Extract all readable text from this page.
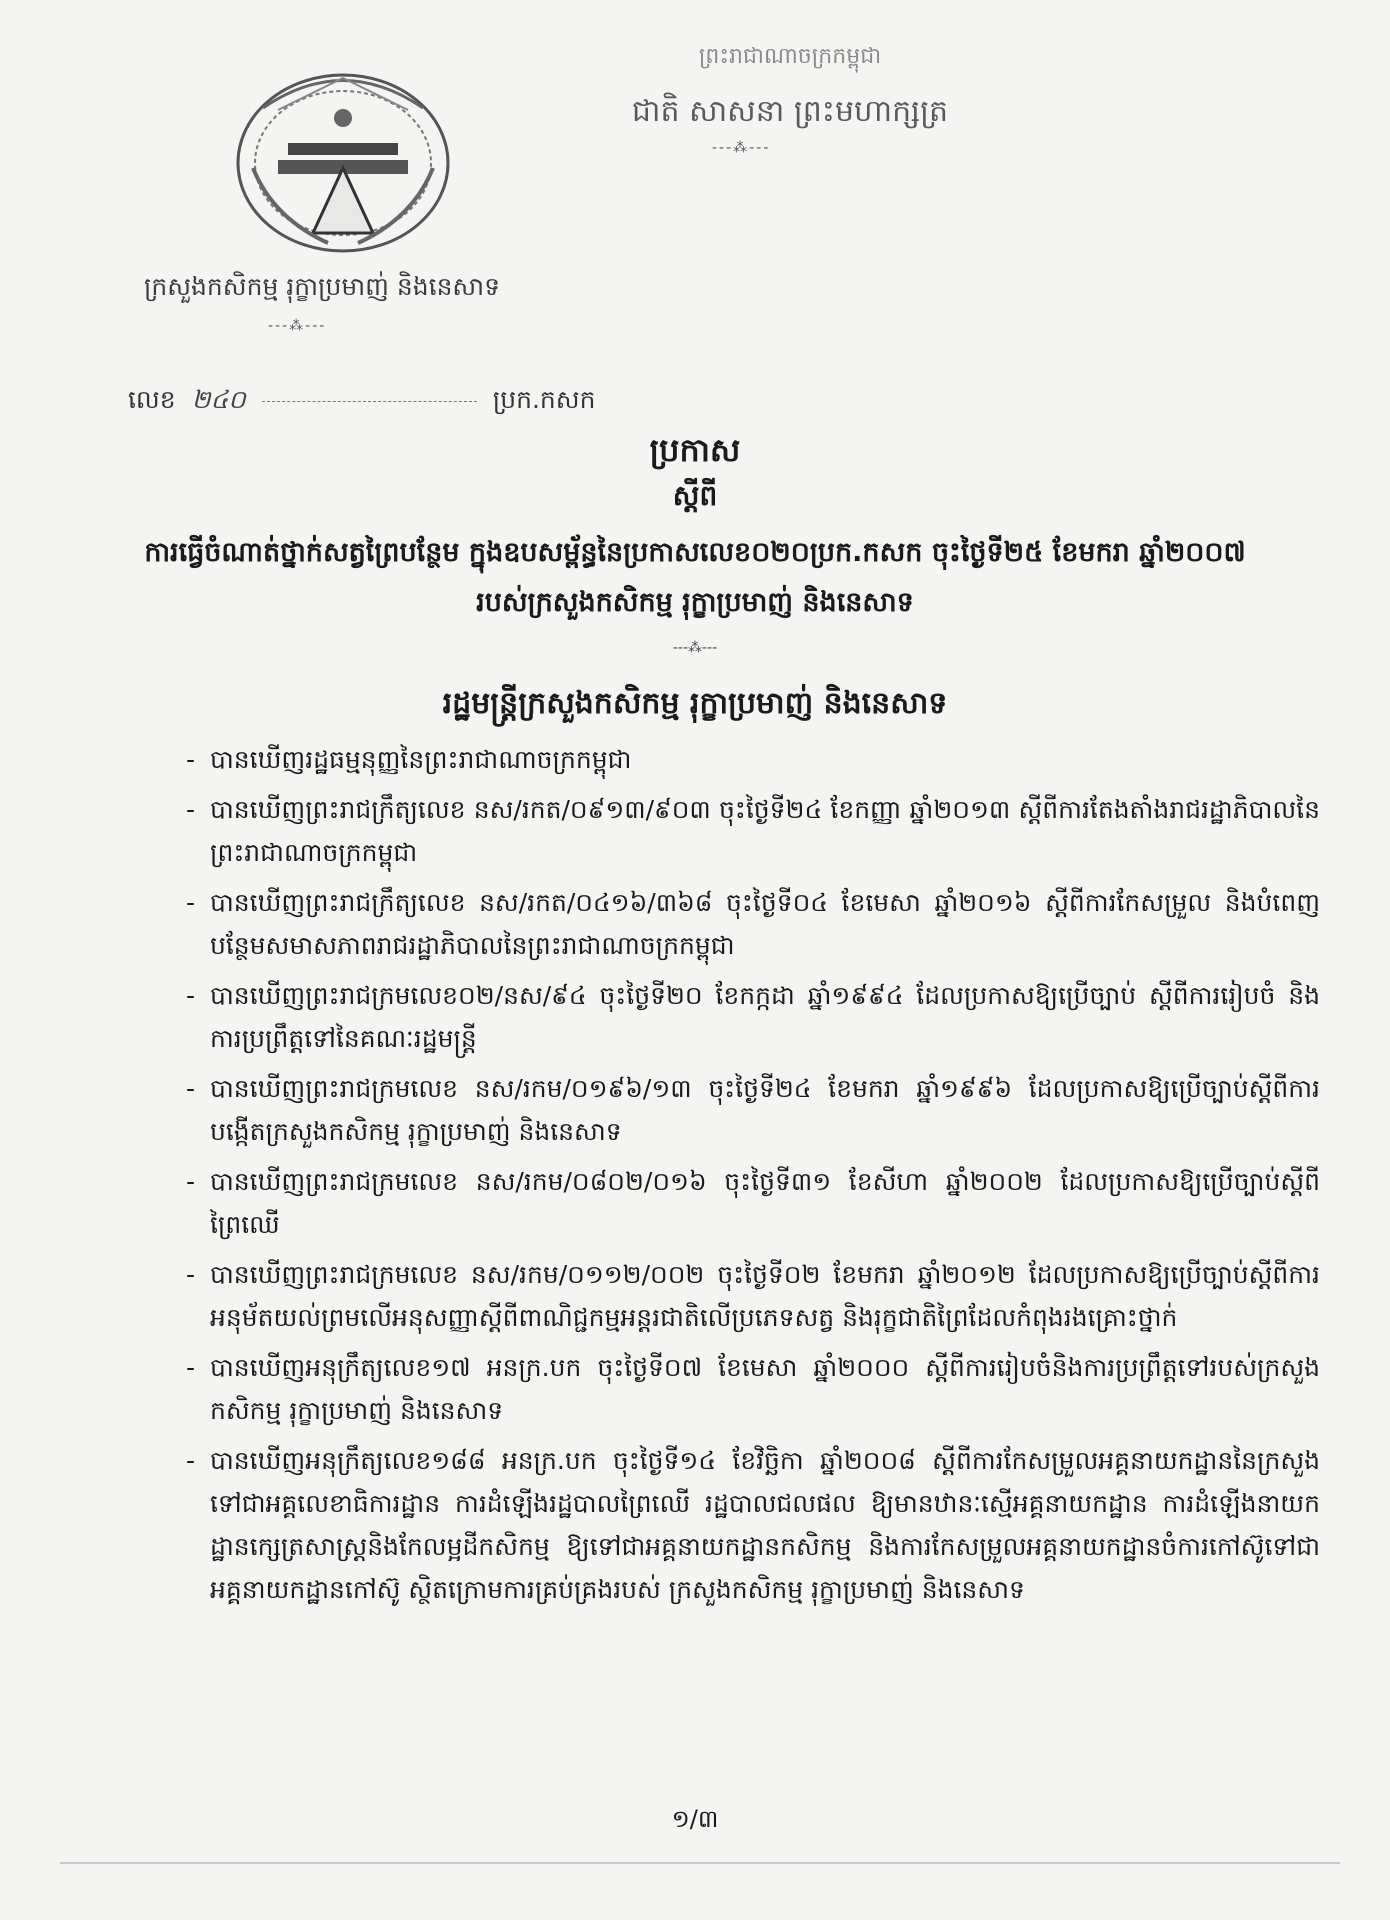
ព្រះរាជាណាចក្រកម្ពុជា
ជាតិ សាសនា ព្រះមហាក្សត្រ
---⁂---
ក្រសួងកសិកម្ម រុក្ខាប្រមាញ់ និងនេសាទ
---⁂---
លេខ ២៤០	ប្រក.កសក
ប្រកាស
ស្តីពី
ការធ្វើចំណាត់ថ្នាក់សត្វព្រៃបន្ថែម ក្នុងឧបសម្ព័ន្ធនៃប្រកាសលេខ០២០ប្រក.កសក ចុះថ្ងៃទី២៥ ខែមករា ឆ្នាំ២០០៧ របស់ក្រសួងកសិកម្ម រុក្ខាប្រមាញ់ និងនេសាទ
---⁂---
រដ្ឋមន្ត្រីក្រសួងកសិកម្ម រុក្ខាប្រមាញ់ និងនេសាទ
- បានឃើញរដ្ឋធម្មនុញ្ញនៃព្រះរាជាណាចក្រកម្ពុជា
- បានឃើញព្រះរាជក្រឹត្យលេខ នស/រកត/០៩១៣/៩០៣ ចុះថ្ងៃទី២៤ ខែកញ្ញា ឆ្នាំ២០១៣ ស្តីពីការតែងតាំងរាជរដ្ឋាភិបាលនៃព្រះរាជាណាចក្រកម្ពុជា
- បានឃើញព្រះរាជក្រឹត្យលេខ នស/រកត/០៤១៦/៣៦៨ ចុះថ្ងៃទី០៤ ខែមេសា ឆ្នាំ២០១៦ ស្តីពីការកែសម្រួល និងបំពេញបន្ថែមសមាសភាពរាជរដ្ឋាភិបាលនៃព្រះរាជាណាចក្រកម្ពុជា
- បានឃើញព្រះរាជក្រមលេខ០២/នស/៩៤ ចុះថ្ងៃទី២០ ខែកក្កដា ឆ្នាំ១៩៩៤ ដែលប្រកាសឱ្យប្រើច្បាប់ ស្តីពីការរៀបចំ និងការប្រព្រឹត្តទៅនៃគណៈរដ្ឋមន្ត្រី
- បានឃើញព្រះរាជក្រមលេខ នស/រកម/០១៩៦/១៣ ចុះថ្ងៃទី២៤ ខែមករា ឆ្នាំ១៩៩៦ ដែលប្រកាសឱ្យប្រើច្បាប់ស្តីពីការបង្កើតក្រសួងកសិកម្ម រុក្ខាប្រមាញ់ និងនេសាទ
- បានឃើញព្រះរាជក្រមលេខ នស/រកម/០៨០២/០១៦ ចុះថ្ងៃទី៣១ ខែសីហា ឆ្នាំ២០០២ ដែលប្រកាសឱ្យប្រើច្បាប់ស្តីពីព្រៃឈើ
- បានឃើញព្រះរាជក្រមលេខ នស/រកម/០១១២/០០២ ចុះថ្ងៃទី០២ ខែមករា ឆ្នាំ២០១២ ដែលប្រកាសឱ្យប្រើច្បាប់ស្តីពីការអនុម័តយល់ព្រមលើអនុសញ្ញាស្តីពីពាណិជ្ជកម្មអន្តរជាតិលើប្រភេទសត្វ និងរុក្ខជាតិព្រៃដែលកំពុងរងគ្រោះថ្នាក់
- បានឃើញអនុក្រឹត្យលេខ១៧ អនក្រ.បក ចុះថ្ងៃទី០៧ ខែមេសា ឆ្នាំ២០០០ ស្តីពីការរៀបចំនិងការប្រព្រឹត្តទៅរបស់ក្រសួងកសិកម្ម រុក្ខាប្រមាញ់ និងនេសាទ
- បានឃើញអនុក្រឹត្យលេខ១៨៨ អនក្រ.បក ចុះថ្ងៃទី១៤ ខែវិច្ឆិកា ឆ្នាំ២០០៨ ស្តីពីការកែសម្រួលអគ្គនាយកដ្ឋាននៃក្រសួង ទៅជាអគ្គលេខាធិការដ្ឋាន ការដំឡើងរដ្ឋបាលព្រៃឈើ រដ្ឋបាលជលផល ឱ្យមានឋានៈស្មើអគ្គនាយកដ្ឋាន ការដំឡើងនាយកដ្ឋានក្សេត្រសាស្ត្រនិងកែលម្អដីកសិកម្ម ឱ្យទៅជាអគ្គនាយកដ្ឋានកសិកម្ម និងការកែសម្រួលអគ្គនាយកដ្ឋានចំការកៅស៊ូទៅជាអគ្គនាយកដ្ឋានកៅស៊ូ ស្ថិតក្រោមការគ្រប់គ្រងរបស់ ក្រសួងកសិកម្ម រុក្ខាប្រមាញ់ និងនេសាទ
១/៣
